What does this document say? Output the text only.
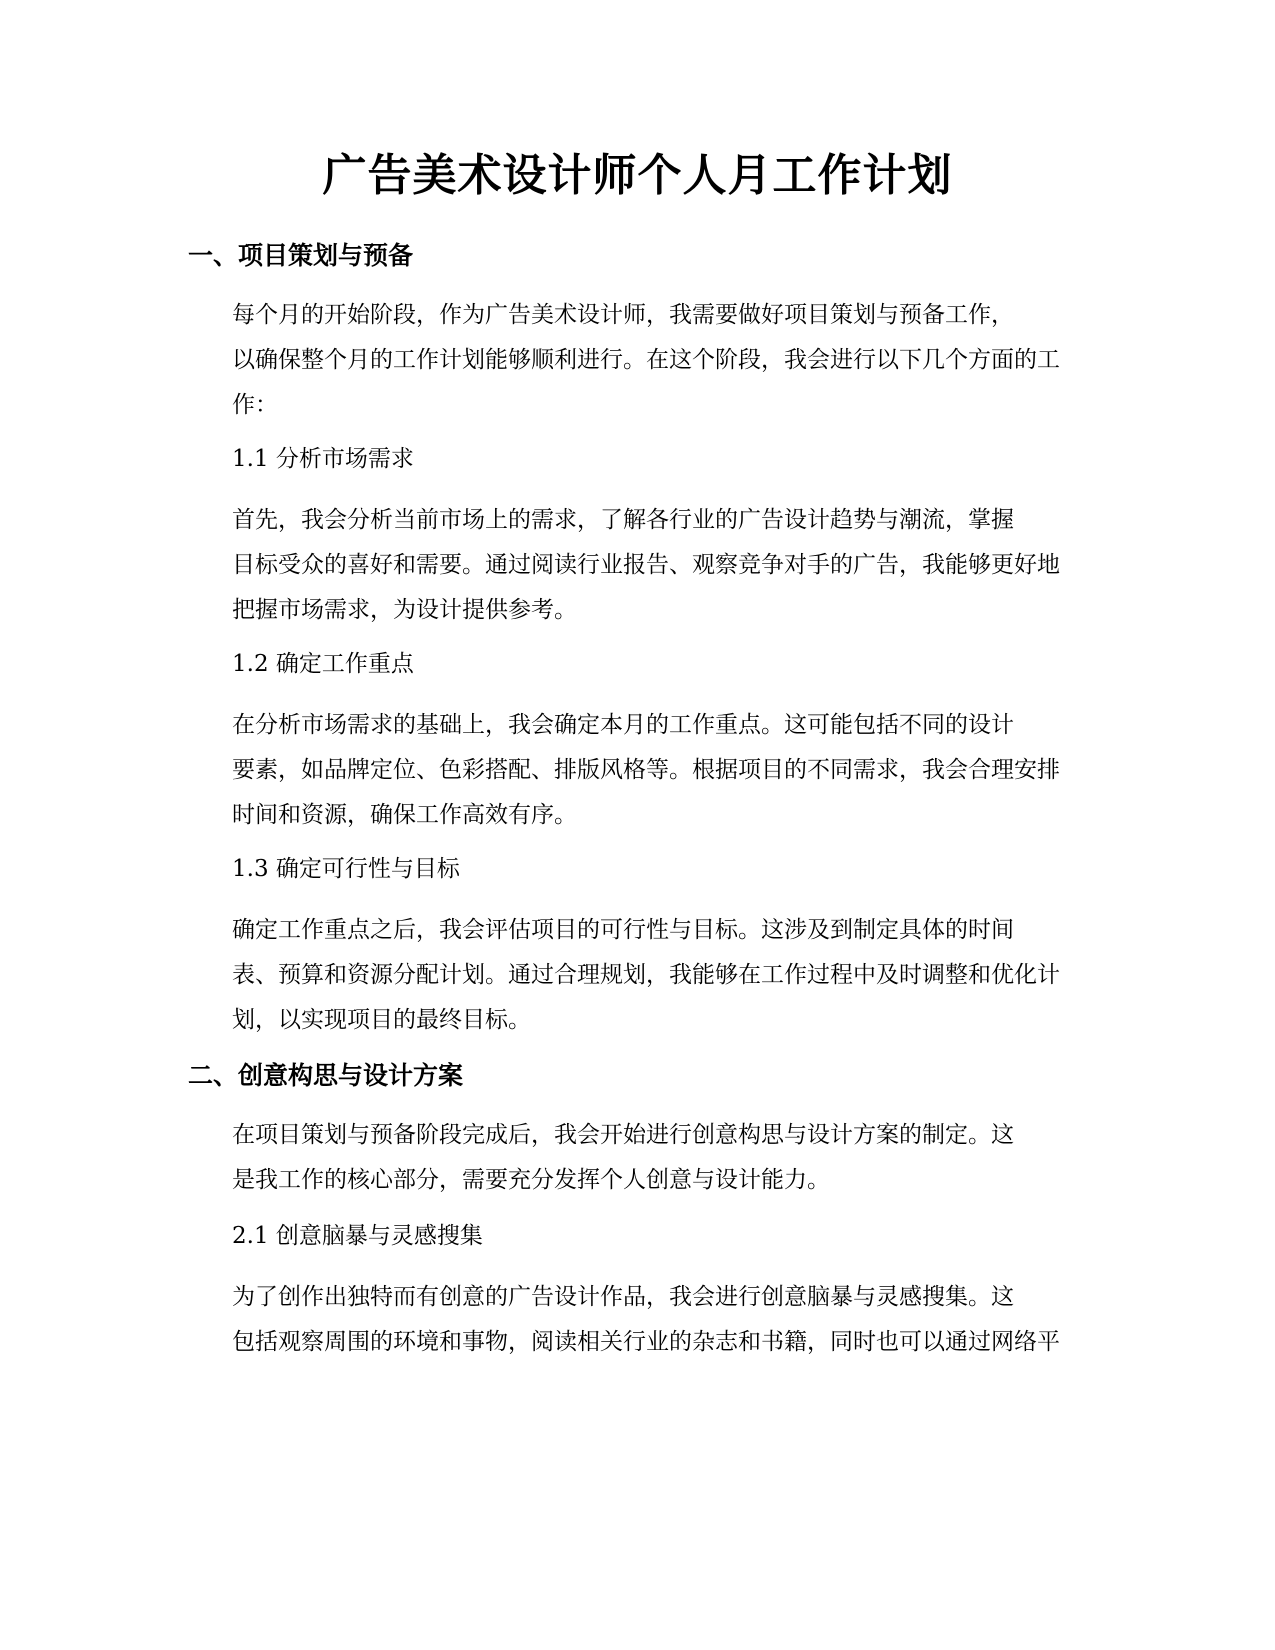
广告美术设计师个人月工作计划
一、项目策划与预备
每个月的开始阶段，作为广告美术设计师，我需要做好项目策划与预备工作，
以确保整个月的工作计划能够顺利进行。在这个阶段，我会进行以下几个方面的工
作：
1.1 分析市场需求
首先，我会分析当前市场上的需求，了解各行业的广告设计趋势与潮流，掌握
目标受众的喜好和需要。通过阅读行业报告、观察竞争对手的广告，我能够更好地
把握市场需求，为设计提供参考。
1.2 确定工作重点
在分析市场需求的基础上，我会确定本月的工作重点。这可能包括不同的设计
要素，如品牌定位、色彩搭配、排版风格等。根据项目的不同需求，我会合理安排
时间和资源，确保工作高效有序。
1.3 确定可行性与目标
确定工作重点之后，我会评估项目的可行性与目标。这涉及到制定具体的时间
表、预算和资源分配计划。通过合理规划，我能够在工作过程中及时调整和优化计
划，以实现项目的最终目标。
二、创意构思与设计方案
在项目策划与预备阶段完成后，我会开始进行创意构思与设计方案的制定。这
是我工作的核心部分，需要充分发挥个人创意与设计能力。
2.1 创意脑暴与灵感搜集
为了创作出独特而有创意的广告设计作品，我会进行创意脑暴与灵感搜集。这
包括观察周围的环境和事物，阅读相关行业的杂志和书籍，同时也可以通过网络平
